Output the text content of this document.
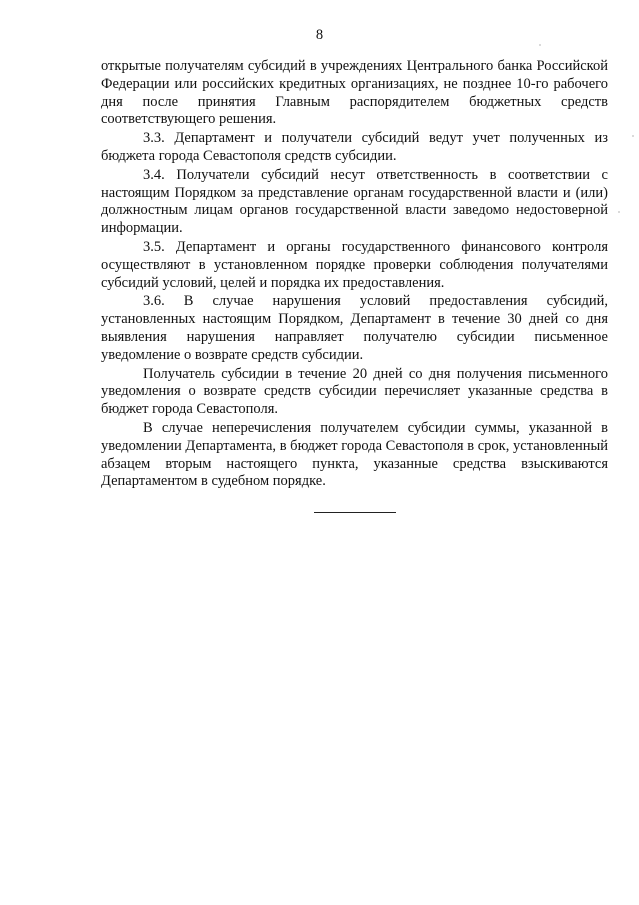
8

открытые получателям субсидий в учреждениях Центрального банка Российской Федерации или российских кредитных организациях, не позднее 10-го рабочего дня после принятия Главным распорядителем бюджетных средств соответствующего решения.

3.3. Департамент и получатели субсидий ведут учет полученных из бюджета города Севастополя средств субсидии.

3.4. Получатели субсидий несут ответственность в соответствии с настоящим Порядком за представление органам государственной власти и (или) должностным лицам органов государственной власти заведомо недостоверной информации.

3.5. Департамент и органы государственного финансового контроля осуществляют в установленном порядке проверки соблюдения получателями субсидий условий, целей и порядка их предоставления.

3.6. В случае нарушения условий предоставления субсидий, установленных настоящим Порядком, Департамент в течение 30 дней со дня выявления нарушения направляет получателю субсидии письменное уведомление о возврате средств субсидии.

Получатель субсидии в течение 20 дней со дня получения письменного уведомления о возврате средств субсидии перечисляет указанные средства в бюджет города Севастополя.

В случае неперечисления получателем субсидии суммы, указанной в уведомлении Департамента, в бюджет города Севастополя в срок, установленный абзацем вторым настоящего пункта, указанные средства взыскиваются Департаментом в судебном порядке.
